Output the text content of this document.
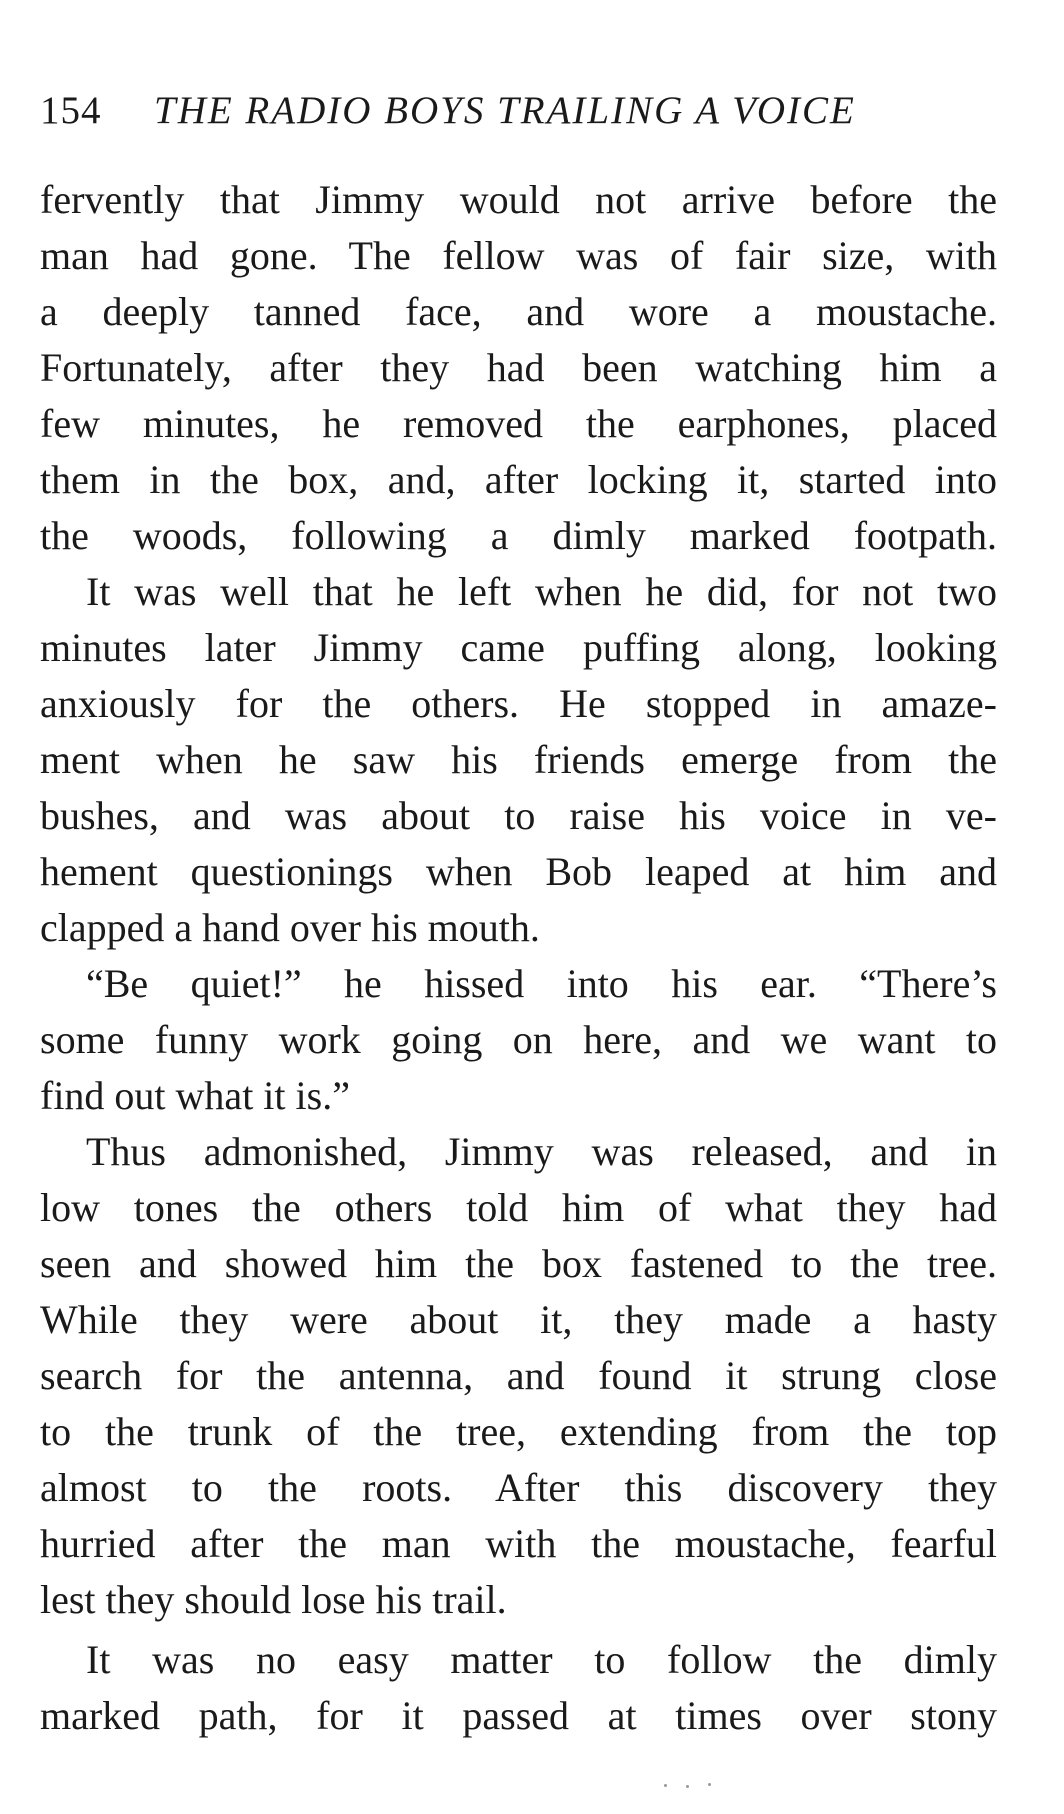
154 THE RADIO BOYS TRAILING A VOICE
fervently that Jimmy would not arrive before the
man had gone. The fellow was of fair size, with
a deeply tanned face, and wore a moustache.
Fortunately, after they had been watching him a
few minutes, he removed the earphones, placed
them in the box, and, after locking it, started into
the woods, following a dimly marked footpath.
It was well that he left when he did, for not two
minutes later Jimmy came puffing along, looking
anxiously for the others. He stopped in amaze-
ment when he saw his friends emerge from the
bushes, and was about to raise his voice in ve-
hement questionings when Bob leaped at him and
clapped a hand over his mouth.
“Be quiet!” he hissed into his ear. “There’s
some funny work going on here, and we want to
find out what it is.”
Thus admonished, Jimmy was released, and in
low tones the others told him of what they had
seen and showed him the box fastened to the tree.
While they were about it, they made a hasty
search for the antenna, and found it strung close
to the trunk of the tree, extending from the top
almost to the roots. After this discovery they
hurried after the man with the moustache, fearful
lest they should lose his trail.
It was no easy matter to follow the dimly
marked path, for it passed at times over stony
